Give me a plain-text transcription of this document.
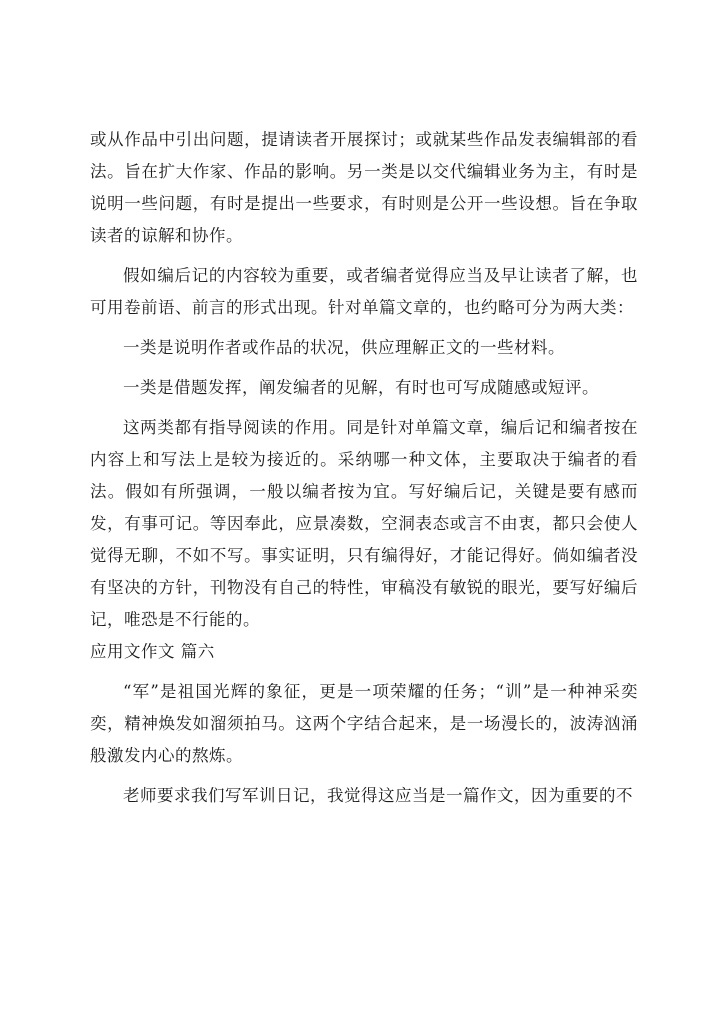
或从作品中引出问题，提请读者开展探讨；或就某些作品发表编辑部的看法。旨在扩大作家、作品的影响。另一类是以交代编辑业务为主，有时是说明一些问题，有时是提出一些要求，有时则是公开一些设想。旨在争取读者的谅解和协作。

假如编后记的内容较为重要，或者编者觉得应当及早让读者了解，也可用卷前语、前言的形式出现。针对单篇文章的，也约略可分为两大类：

一类是说明作者或作品的状况，供应理解正文的一些材料。

一类是借题发挥，阐发编者的见解，有时也可写成随感或短评。

这两类都有指导阅读的作用。同是针对单篇文章，编后记和编者按在内容上和写法上是较为接近的。采纳哪一种文体，主要取决于编者的看法。假如有所强调，一般以编者按为宜。写好编后记，关键是要有感而发，有事可记。等因奉此，应景凑数，空洞表态或言不由衷，都只会使人觉得无聊，不如不写。事实证明，只有编得好，才能记得好。倘如编者没有坚决的方针，刊物没有自己的特性，审稿没有敏锐的眼光，要写好编后记，唯恐是不行能的。

应用文作文 篇六

“军”是祖国光辉的象征，更是一项荣耀的任务；“训”是一种神采奕奕，精神焕发如溜须拍马。这两个字结合起来，是一场漫长的，波涛汹涌般激发内心的熬炼。

老师要求我们写军训日记，我觉得这应当是一篇作文，因为重要的不
